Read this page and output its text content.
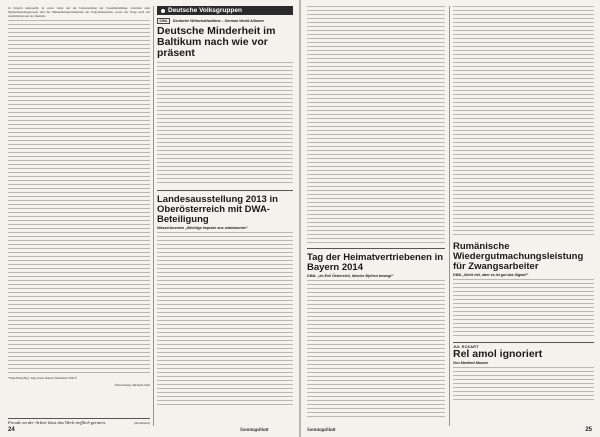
in Ungarn untersucht, in erster Linie auf die Untersuchung der Zusammenhänge zwischen dem Modernisierungsprozess und der Minderheitenproblematik der Ungarndeutschen, sowie der Frage nach der Assimilation und der Identität.

*Siehe Bunk (Hg.): Jung, Daten Deutsch, Minderheit 1980 ff.
Übersetzung: Richard Guth
Freude an der Arbeit lässt das Werk trefflich geraten.	(Aristoteles)
24
Deutsche Volksgruppen
DWA	Deutsche Wirtschaftsallianz – German World Alliance
Deutsche Minderheit im Baltikum nach wie vor präsent
Landesausstellung 2013 in Oberösterreich mit DWA-Beteiligung
Wasserbrunnen „Wichtige Impulse aus unbekannter“
Sonntagsblatt
Tag der Heimatvertriebenen in Bayern 2014
DWA: „Im Exil Österreich, falsche Mythen besiegt“
Rumänische Wiedergutmachungsleistung für Zwangsarbeiter
DWA „Nicht viel, aber es ist gut das Signal!“
JUL ECKART
Rel amol ignoriert
Von Manfred Mauser
Sonntagsblatt	25
